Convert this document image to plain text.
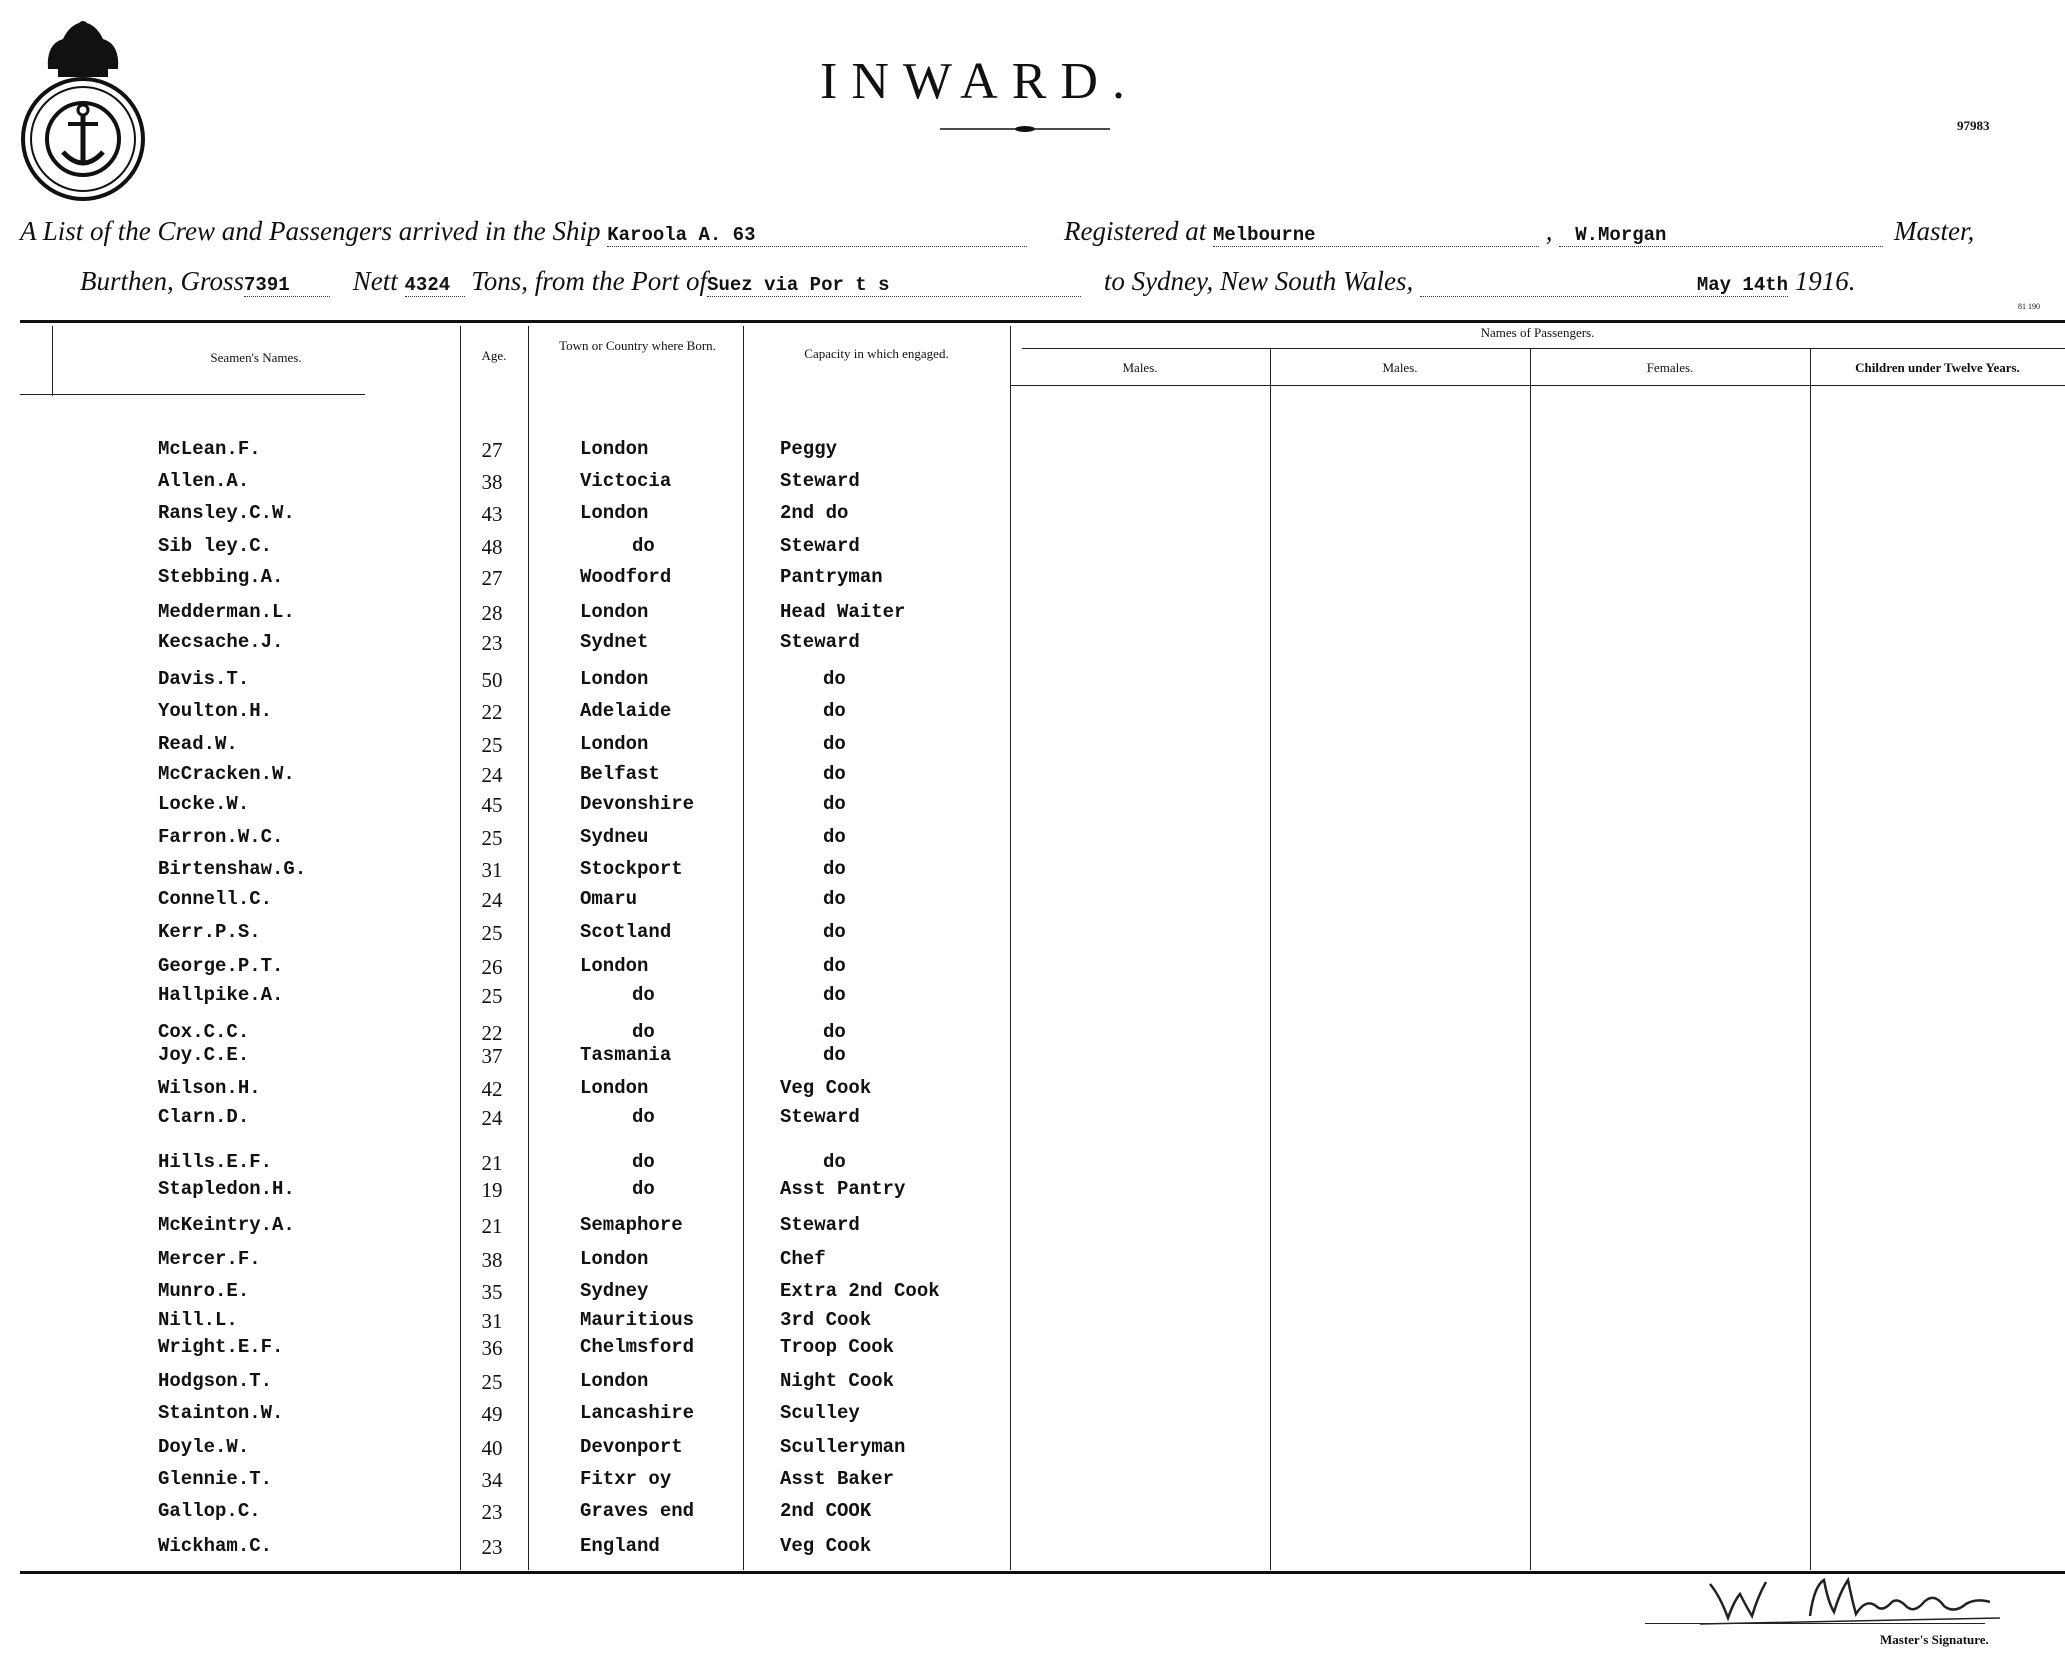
INWARD.
97983
A List of the Crew and Passengers arrived in the Ship Karoola A. 63	Registered at Melbourne	, W.Morgan	Master,
Burthen, Gross7391 Nett 4324 Tons, from the Port ofSuez via Por t s	to Sydney, New South Wales,	May 14th 1916.
81 190
Seamen's Names.	Age.
Town or Country where Born.
Capacity in which engaged.
Names of Passengers.
Males.	Males.	Females.	Children under Twelve Years.
McLean.F.	27	London	Peggy
Allen.A.	38	Victocia	Steward
Ransley.C.W.	43	London	2nd do
Sib ley.C.	48	do	Steward
Stebbing.A.	27	Woodford	Pantryman
Medderman.L.	28	London	Head Waiter
Kecsache.J.	23	Sydnet	Steward
Davis.T.	50	London	do
Youlton.H.	22	Adelaide	do
Read.W.	25	London	do
McCracken.W.	24	Belfast	do
Locke.W.	45	Devonshire	do
Farron.W.C.	25	Sydneu	do
Birtenshaw.G.	31	Stockport	do
Connell.C.	24	Omaru	do
Kerr.P.S.	25	Scotland	do
George.P.T.	26	London	do
Hallpike.A.	25	do	do
Cox.C.C.	22	do	do
Joy.C.E.	37	Tasmania	do
Wilson.H.	42	London	Veg Cook
Clarn.D.	24	do	Steward
Hills.E.F.	21	do	do
Stapledon.H.	19	do	Asst Pantry
McKeintry.A.	21	Semaphore	Steward
Mercer.F.	38	London	Chef
Munro.E.	35	Sydney	Extra 2nd Cook
Nill.L.	31	Mauritious	3rd Cook
Wright.E.F.	36	Chelmsford	Troop Cook
Hodgson.T.	25	London	Night Cook
Stainton.W.	49	Lancashire	Sculley
Doyle.W.	40	Devonport	Sculleryman
Glennie.T.	34	Fitxr oy	Asst Baker
Gallop.C.	23	Graves end	2nd COOK
Wickham.C.	23	England	Veg Cook
Master's Signature.
